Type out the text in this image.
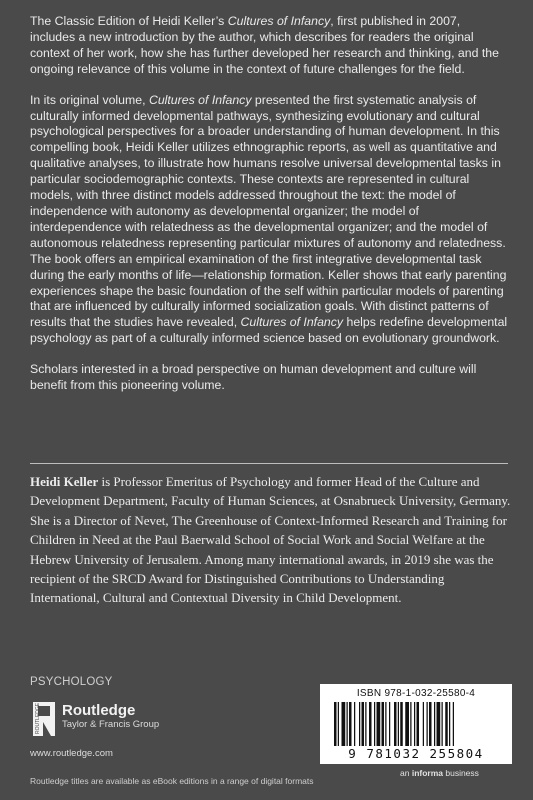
The Classic Edition of Heidi Keller’s Cultures of Infancy, first published in 2007, includes a new introduction by the author, which describes for readers the original context of her work, how she has further developed her research and thinking, and the ongoing relevance of this volume in the context of future challenges for the field.

In its original volume, Cultures of Infancy presented the first systematic analysis of culturally informed developmental pathways, synthesizing evolutionary and cultural psychological perspectives for a broader understanding of human development. In this compelling book, Heidi Keller utilizes ethnographic reports, as well as quantitative and qualitative analyses, to illustrate how humans resolve universal developmental tasks in particular sociodemographic contexts. These contexts are represented in cultural models, with three distinct models addressed throughout the text: the model of independence with autonomy as developmental organizer; the model of interdependence with relatedness as the developmental organizer; and the model of autonomous relatedness representing particular mixtures of autonomy and relatedness. The book offers an empirical examination of the first integrative developmental task during the early months of life—relationship formation. Keller shows that early parenting experiences shape the basic foundation of the self within particular models of parenting that are influenced by culturally informed socialization goals. With distinct patterns of results that the studies have revealed, Cultures of Infancy helps redefine developmental psychology as part of a culturally informed science based on evolutionary groundwork.

Scholars interested in a broad perspective on human development and culture will benefit from this pioneering volume.

Heidi Keller is Professor Emeritus of Psychology and former Head of the Culture and Development Department, Faculty of Human Sciences, at Osnabrueck University, Germany. She is a Director of Nevet, The Greenhouse of Context-Informed Research and Training for Children in Need at the Paul Baerwald School of Social Work and Social Welfare at the Hebrew University of Jerusalem. Among many international awards, in 2019 she was the recipient of the SRCD Award for Distinguished Contributions to Understanding International, Cultural and Contextual Diversity in Child Development.
PSYCHOLOGY
ROUTLEDGE Routledge
Taylor & Francis Group
www.routledge.com
Routledge titles are available as eBook editions in a range of digital formats
ISBN 978-1-032-25580-4
9 781032 255804
an informa business
